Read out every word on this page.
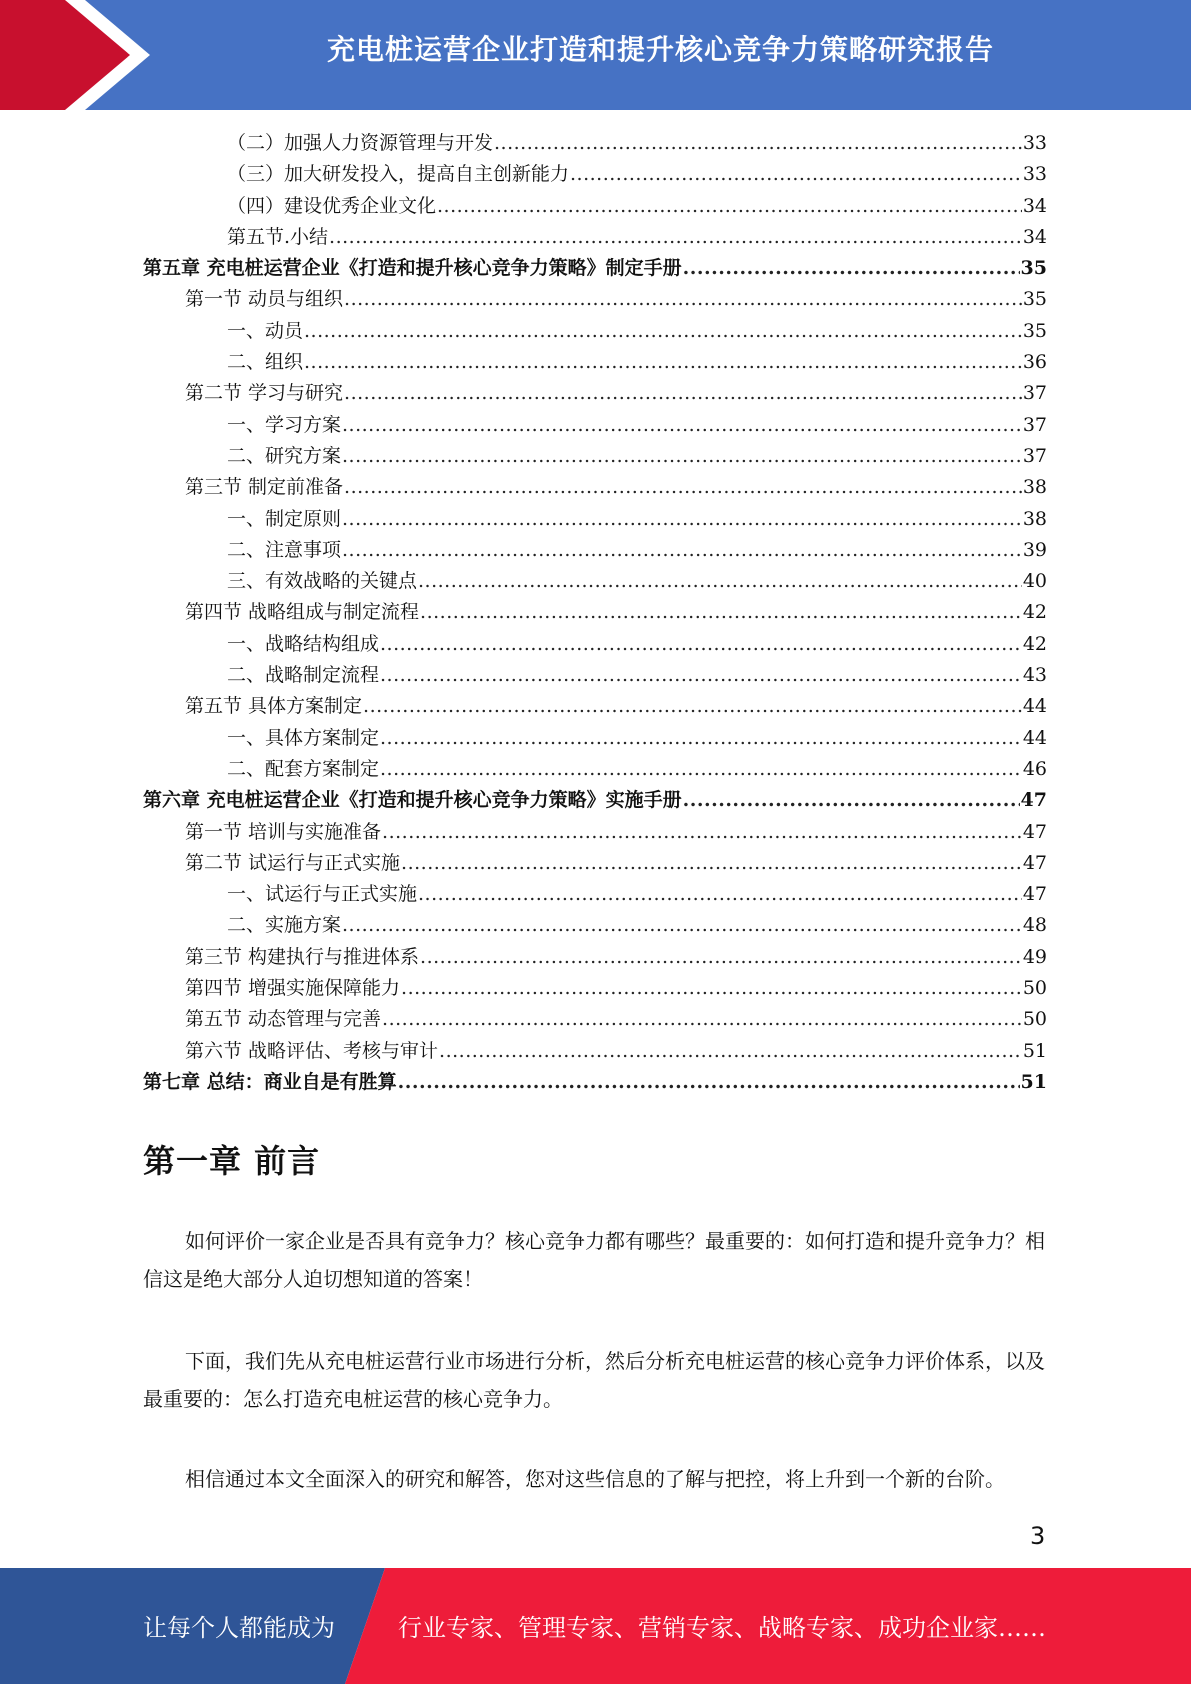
充电桩运营企业打造和提升核心竞争力策略研究报告
（二）加强人力资源管理与开发 .....	33
（三）加大研发投入，提高自主创新能力 .....	33
（四）建设优秀企业文化 .....	34
第五节.小结 .....	34
第五章 充电桩运营企业《打造和提升核心竞争力策略》制定手册 .....	35
第一节 动员与组织 .....	35
一、动员 .....	35
二、组织 .....	36
第二节 学习与研究 .....	37
一、学习方案 .....	37
二、研究方案 .....	37
第三节 制定前准备 .....	38
一、制定原则 .....	38
二、注意事项 .....	39
三、有效战略的关键点 .....	40
第四节 战略组成与制定流程 .....	42
一、战略结构组成 .....	42
二、战略制定流程 .....	43
第五节 具体方案制定 .....	44
一、具体方案制定 .....	44
二、配套方案制定 .....	46
第六章 充电桩运营企业《打造和提升核心竞争力策略》实施手册 .....	47
第一节 培训与实施准备 .....	47
第二节 试运行与正式实施 .....	47
一、试运行与正式实施 .....	47
二、实施方案 .....	48
第三节 构建执行与推进体系 .....	49
第四节 增强实施保障能力 .....	50
第五节 动态管理与完善 .....	50
第六节 战略评估、考核与审计 .....	51
第七章 总结：商业自是有胜算 .....	51
第一章 前言

如何评价一家企业是否具有竞争力？核心竞争力都有哪些？最重要的：如何打造和提升竞争力？相信这是绝大部分人迫切想知道的答案！

下面，我们先从充电桩运营行业市场进行分析，然后分析充电桩运营的核心竞争力评价体系，以及最重要的：怎么打造充电桩运营的核心竞争力。

相信通过本文全面深入的研究和解答，您对这些信息的了解与把控，将上升到一个新的台阶。

3
让每个人都能成为	行业专家、管理专家、营销专家、战略专家、成功企业家……
